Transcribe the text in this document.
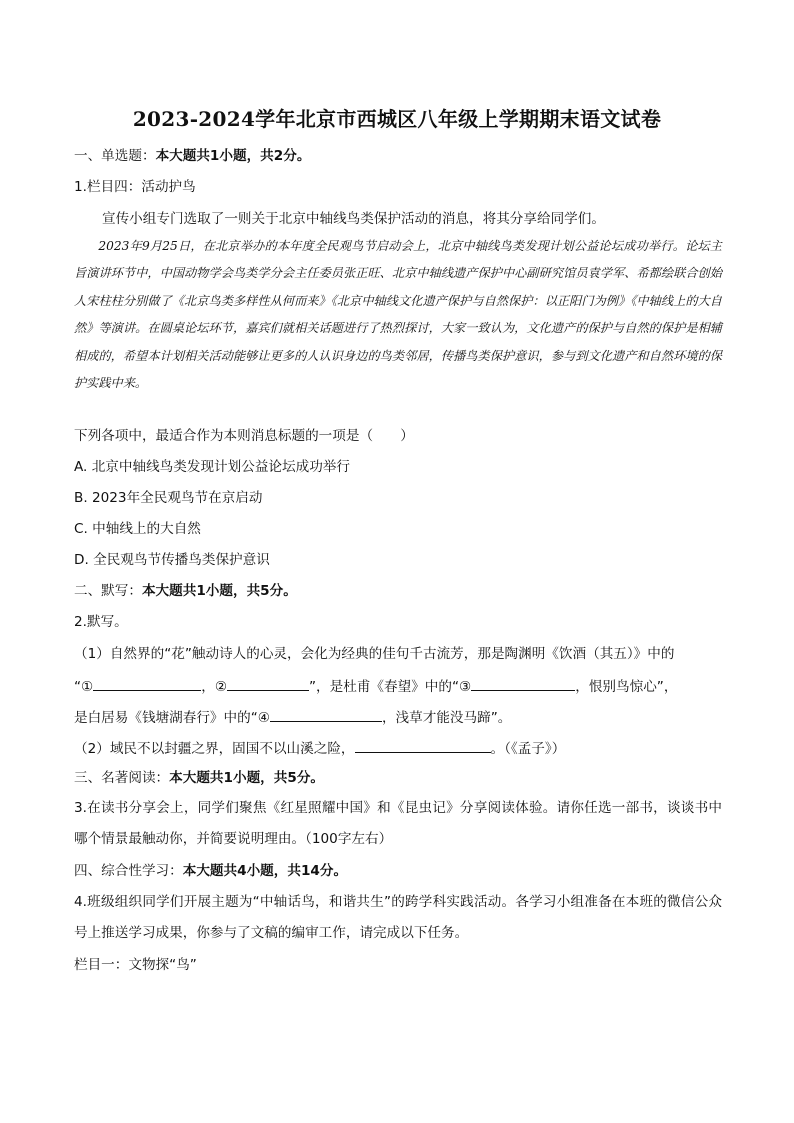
2023-2024学年北京市西城区八年级上学期期末语文试卷
一、单选题：本大题共1小题，共2分。
1.栏目四：活动护鸟
宣传小组专门选取了一则关于北京中轴线鸟类保护活动的消息，将其分享给同学们。

2023年9月25日，在北京举办的本年度全民观鸟节启动会上，北京中轴线鸟类发现计划公益论坛成功举行。论坛主旨演讲环节中，中国动物学会鸟类学分会主任委员张正旺、北京中轴线遗产保护中心副研究馆员袁学军、希都绘联合创始人宋柱柱分别做了《北京鸟类多样性从何而来》《北京中轴线文化遗产保护与自然保护：以正阳门为例》《中轴线上的大自然》等演讲。在圆桌论坛环节，嘉宾们就相关话题进行了热烈探讨，大家一致认为，文化遗产的保护与自然的保护是相辅相成的，希望本计划相关活动能够让更多的人认识身边的鸟类邻居，传播鸟类保护意识，参与到文化遗产和自然环境的保护实践中来。

下列各项中，最适合作为本则消息标题的一项是（　　）
A. 北京中轴线鸟类发现计划公益论坛成功举行
B. 2023年全民观鸟节在京启动
C. 中轴线上的大自然
D. 全民观鸟节传播鸟类保护意识
二、默写：本大题共1小题，共5分。
2.默写。
（1）自然界的“花”触动诗人的心灵，会化为经典的佳句千古流芳，那是陶渊明《饮酒（其五）》中的
“①	，②	”，是杜甫《春望》中的“③	，恨别鸟惊心”，
是白居易《钱塘湖春行》中的“④	，浅草才能没马蹄”。
（2）域民不以封疆之界，固国不以山溪之险，	。（《孟子》）
三、名著阅读：本大题共1小题，共5分。
3.在读书分享会上，同学们聚焦《红星照耀中国》和《昆虫记》分享阅读体验。请你任选一部书，谈谈书中哪个情景最触动你，并简要说明理由。（100字左右）
四、综合性学习：本大题共4小题，共14分。
4.班级组织同学们开展主题为“中轴话鸟，和谐共生”的跨学科实践活动。各学习小组准备在本班的微信公众号上推送学习成果，你参与了文稿的编审工作，请完成以下任务。
栏目一：文物探“鸟”
